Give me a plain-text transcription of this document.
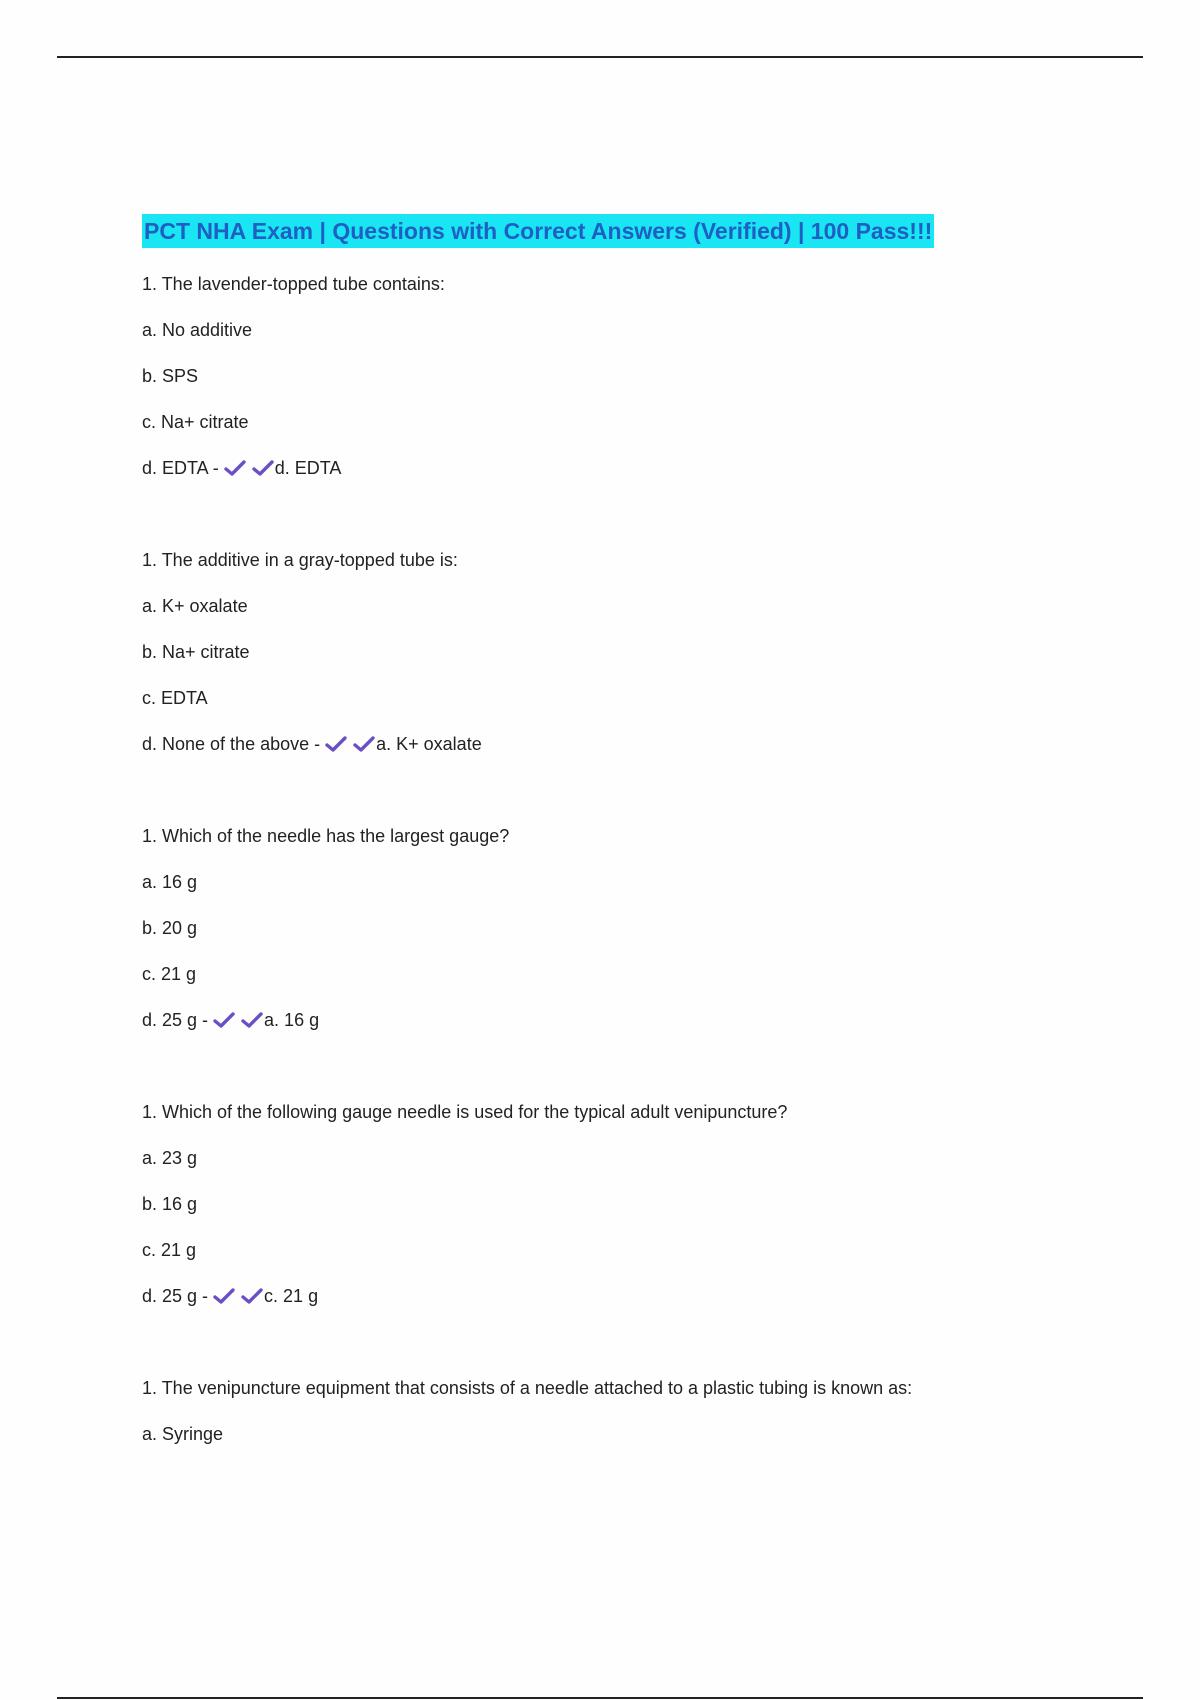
PCT NHA Exam | Questions with Correct Answers (Verified) | 100 Pass!!!

1. The lavender-topped tube contains:

a. No additive

b. SPS

c. Na+ citrate

d. EDTA -	d. EDTA

1. The additive in a gray-topped tube is:

a. K+ oxalate

b. Na+ citrate

c. EDTA

d. None of the above -	a. K+ oxalate

1. Which of the needle has the largest gauge?

a. 16 g

b. 20 g

c. 21 g

d. 25 g -	a. 16 g

1. Which of the following gauge needle is used for the typical adult venipuncture?

a. 23 g

b. 16 g

c. 21 g

d. 25 g -	c. 21 g

1. The venipuncture equipment that consists of a needle attached to a plastic tubing is known as:

a. Syringe
